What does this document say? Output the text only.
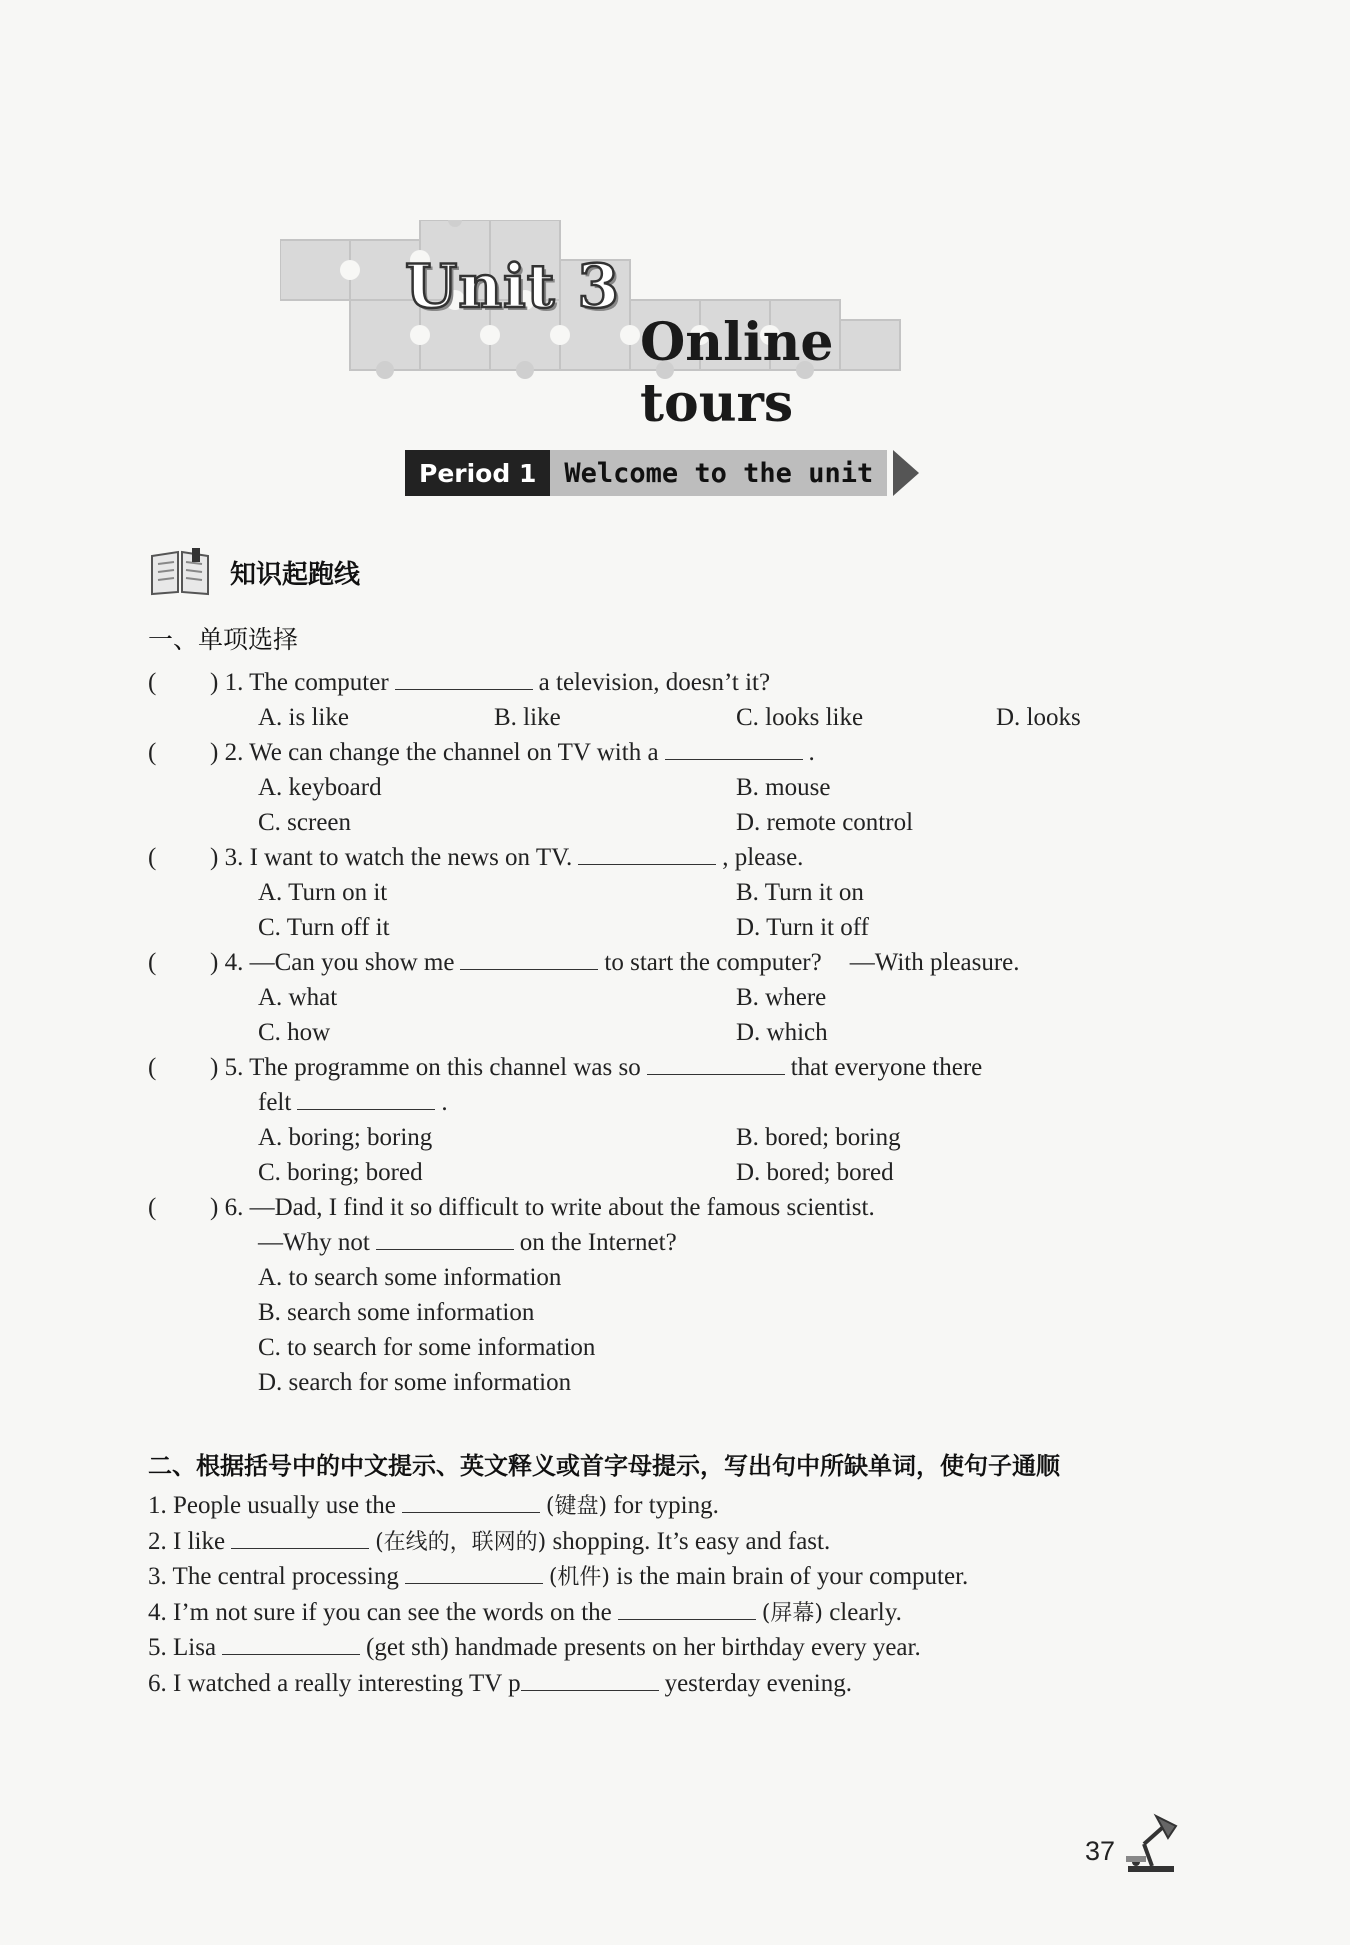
Unit 3
Online tours
Period 1	Welcome to the unit
知识起跑线
一、单项选择
( ) 1. The computer	a television, doesn’t it?
A. is like	B. like	C. looks like	D. looks
( ) 2. We can change the channel on TV with a	.
A. keyboard	B. mouse
C. screen	D. remote control
( ) 3. I want to watch the news on TV.	, please.
A. Turn on it	B. Turn it on
C. Turn off it	D. Turn it off
( ) 4. —Can you show me	to start the computer? —With pleasure.
A. what	B. where
C. how	D. which
( ) 5. The programme on this channel was so	that everyone there
felt	.
A. boring; boring	B. bored; boring
C. boring; bored	D. bored; bored
( ) 6. —Dad, I find it so difficult to write about the famous scientist.
—Why not	on the Internet?
A. to search some information
B. search some information
C. to search for some information
D. search for some information
二、根据括号中的中文提示、英文释义或首字母提示，写出句中所缺单词，使句子通顺
1. People usually use the	(键盘) for typing.
2. I like	(在线的，联网的) shopping. It’s easy and fast.
3. The central processing	(机件) is the main brain of your computer.
4. I’m not sure if you can see the words on the	(屏幕) clearly.
5. Lisa	(get sth) handmade presents on her birthday every year.
6. I watched a really interesting TV p	yesterday evening.
37
